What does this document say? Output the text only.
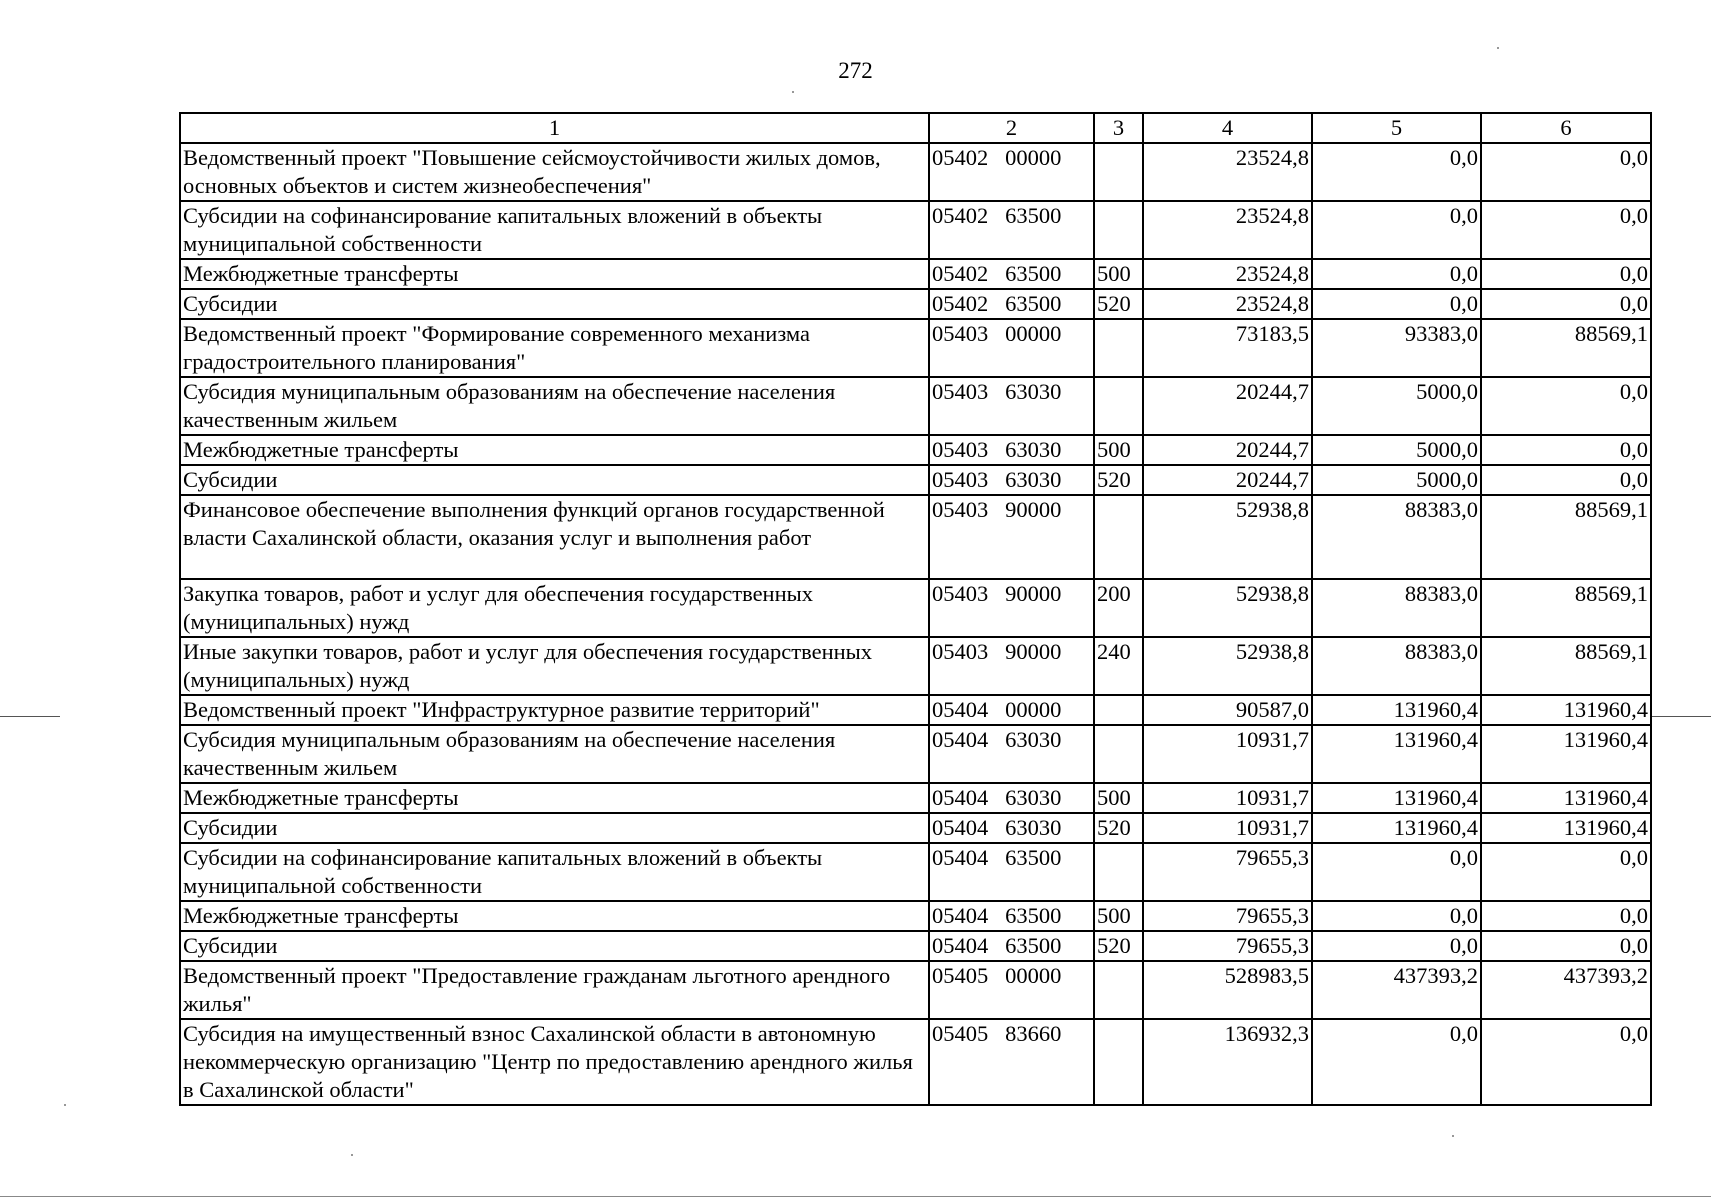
272
1	2	3	4	5	6
Ведомственный проект "Повышение сейсмоустойчивости жилых домов, основных объектов и систем жизнеобеспечения"	05402   00000		23524,8	0,0	0,0
Субсидии на софинансирование капитальных вложений в объекты муниципальной собственности	05402   63500		23524,8	0,0	0,0
Межбюджетные трансферты	05402   63500	500	23524,8	0,0	0,0
Субсидии	05402   63500	520	23524,8	0,0	0,0
Ведомственный проект "Формирование современного механизма градостроительного планирования"	05403   00000		73183,5	93383,0	88569,1
Субсидия муниципальным образованиям на обеспечение населения качественным жильем	05403   63030		20244,7	5000,0	0,0
Межбюджетные трансферты	05403   63030	500	20244,7	5000,0	0,0
Субсидии	05403   63030	520	20244,7	5000,0	0,0
Финансовое обеспечение выполнения функций органов государственной власти Сахалинской области, оказания услуг и выполнения работ	05403   90000		52938,8	88383,0	88569,1
Закупка товаров, работ и услуг для обеспечения государственных (муниципальных) нужд	05403   90000	200	52938,8	88383,0	88569,1
Иные закупки товаров, работ и услуг для обеспечения государственных (муниципальных) нужд	05403   90000	240	52938,8	88383,0	88569,1
Ведомственный проект "Инфраструктурное развитие территорий"	05404   00000		90587,0	131960,4	131960,4
Субсидия муниципальным образованиям на обеспечение населения качественным жильем	05404   63030		10931,7	131960,4	131960,4
Межбюджетные трансферты	05404   63030	500	10931,7	131960,4	131960,4
Субсидии	05404   63030	520	10931,7	131960,4	131960,4
Субсидии на софинансирование капитальных вложений в объекты муниципальной собственности	05404   63500		79655,3	0,0	0,0
Межбюджетные трансферты	05404   63500	500	79655,3	0,0	0,0
Субсидии	05404   63500	520	79655,3	0,0	0,0
Ведомственный проект "Предоставление гражданам льготного арендного жилья"	05405   00000		528983,5	437393,2	437393,2
Субсидия на имущественный взнос Сахалинской области в автономную некоммерческую организацию "Центр по предоставлению арендного жилья в Сахалинской области"	05405   83660		136932,3	0,0	0,0
